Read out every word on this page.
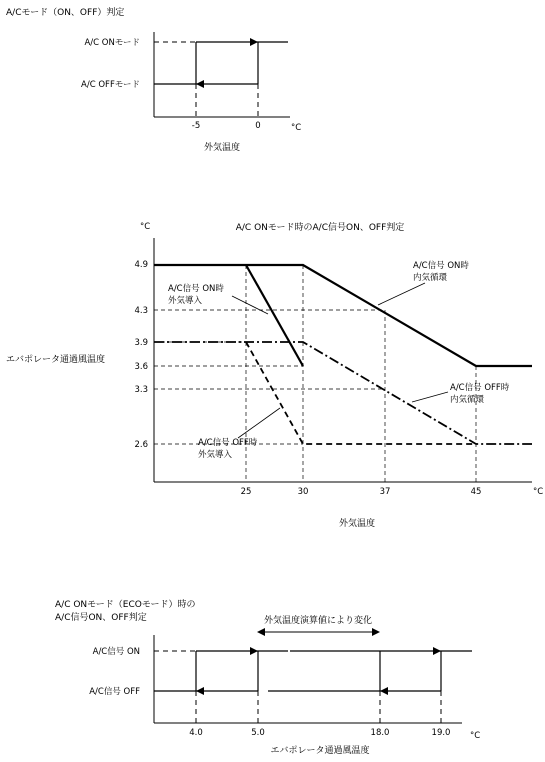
A/Cモード（ON、OFF）判定
A/C ONモード
A/C OFFモード
-5	0	°C
外気温度
A/C ONモード時のA/C信号ON、OFF判定
°C
エバポレータ通過風温度
4.9
4.3
3.9
3.6
3.3
2.6
25	30	37	45	°C
外気温度
A/C信号 ON時
内気循環
A/C信号 ON時
外気導入
A/C信号 OFF時
内気循環
A/C信号 OFF時
外気導入
A/C ONモード（ECOモード）時の
A/C信号ON、OFF判定	外気温度演算値により変化
A/C信号 ON
A/C信号 OFF
4.0	5.0	18.0	19.0 °C
エバポレータ通過風温度
